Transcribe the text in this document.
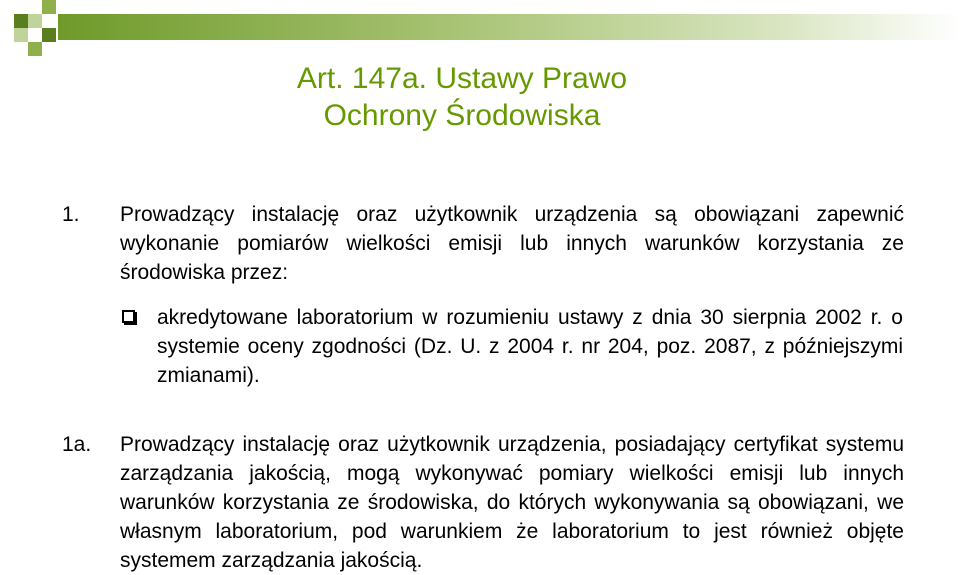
Art. 147a. Ustawy Prawo
Ochrony Środowiska
1. Prowadzący instalację oraz użytkownik urządzenia są obowiązani zapewnić wykonanie pomiarów wielkości emisji lub innych warunków korzystania ze środowiska przez:
akredytowane laboratorium w rozumieniu ustawy z dnia 30 sierpnia 2002 r. o systemie oceny zgodności (Dz. U. z 2004 r. nr 204, poz. 2087, z późniejszymi zmianami).
1a. Prowadzący instalację oraz użytkownik urządzenia, posiadający certyfikat systemu zarządzania jakością, mogą wykonywać pomiary wielkości emisji lub innych warunków korzystania ze środowiska, do których wykonywania są obowiązani, we własnym laboratorium, pod warunkiem że laboratorium to jest również objęte systemem zarządzania jakością.
